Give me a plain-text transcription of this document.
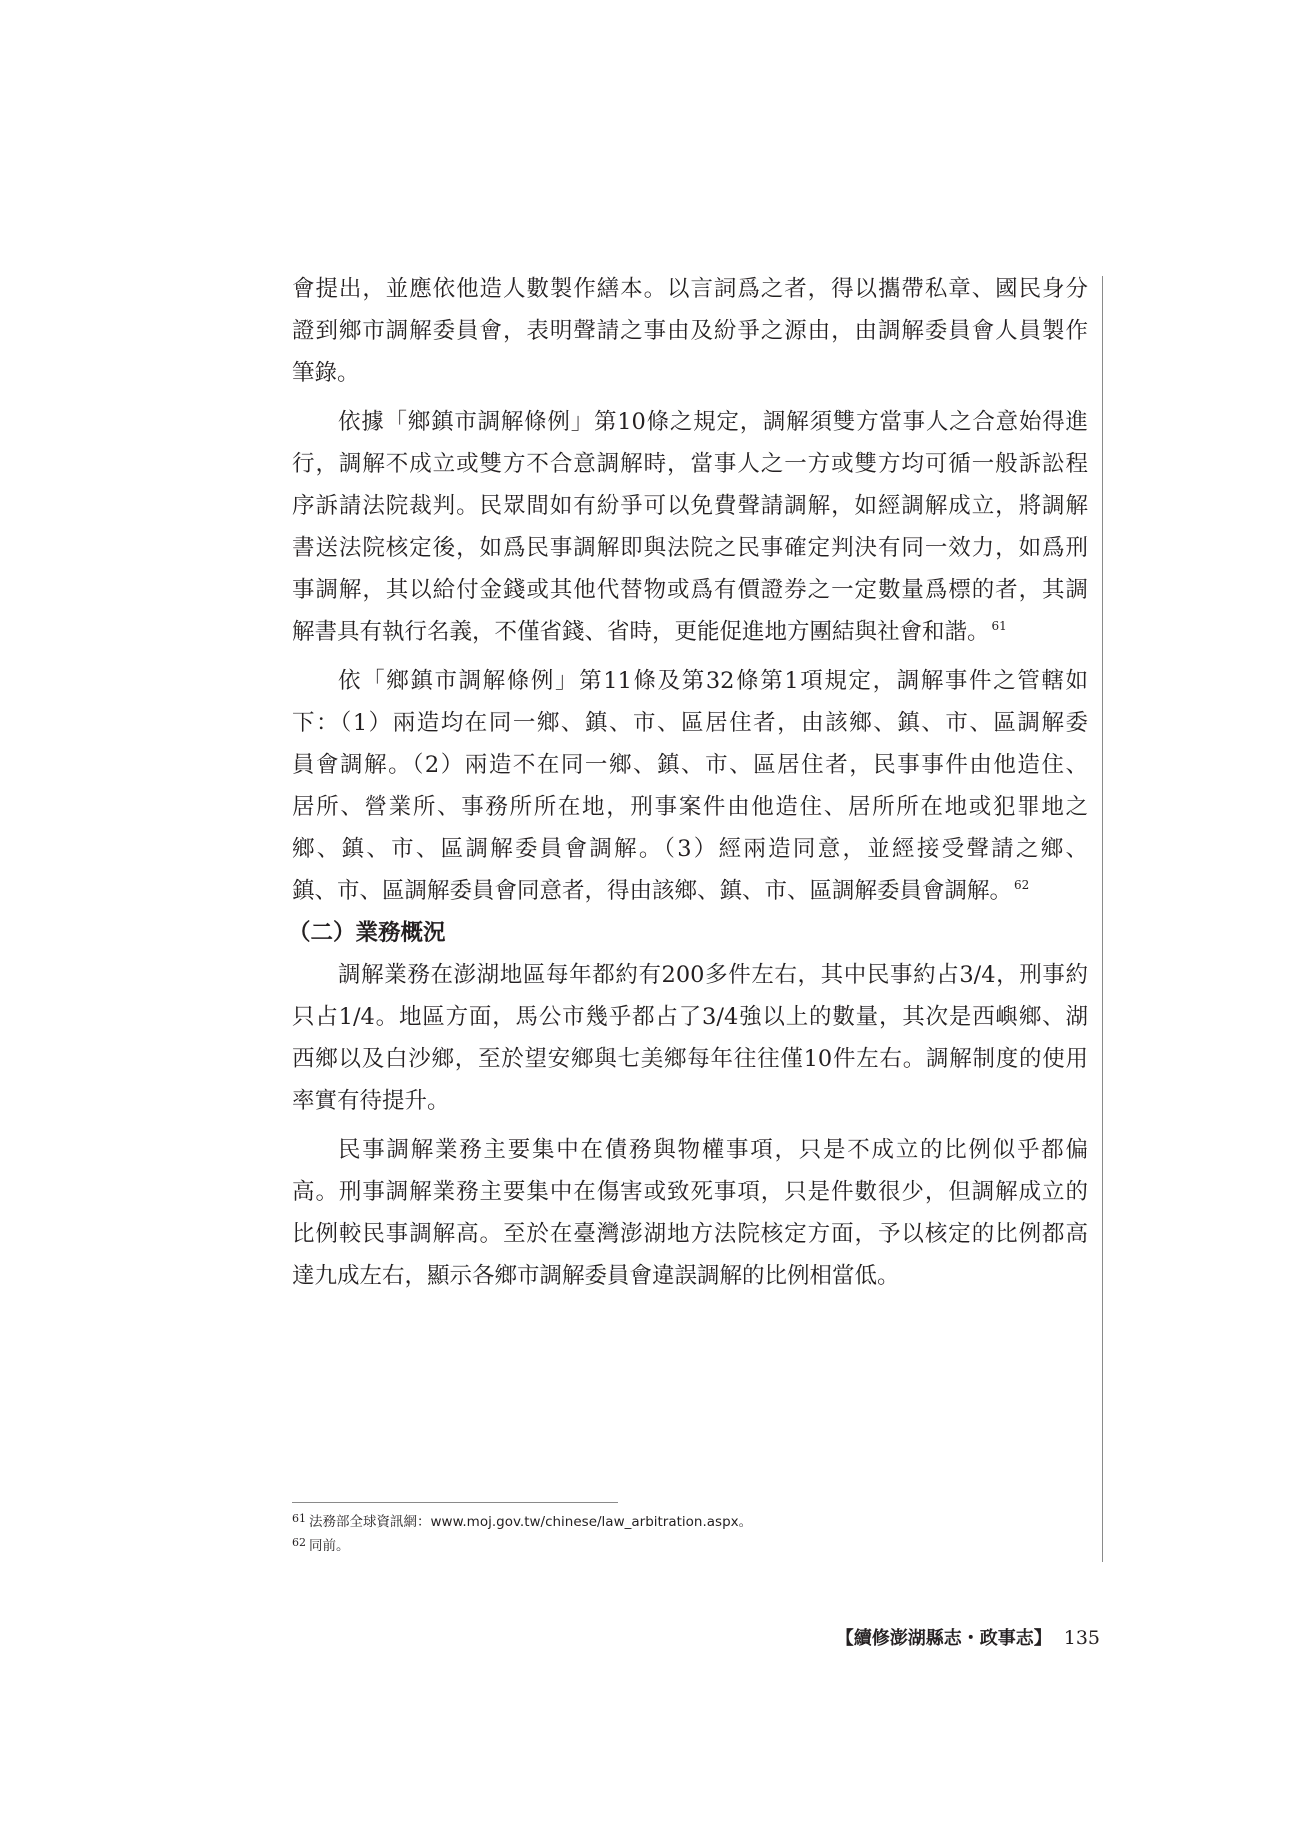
會提出，並應依他造人數製作繕本。以言詞爲之者，得以攜帶私章、國民身分
證到鄉市調解委員會，表明聲請之事由及紛爭之源由，由調解委員會人員製作
筆錄。
依據「鄉鎮市調解條例」第10條之規定，調解須雙方當事人之合意始得進
行，調解不成立或雙方不合意調解時，當事人之一方或雙方均可循一般訴訟程
序訴請法院裁判。民眾間如有紛爭可以免費聲請調解，如經調解成立，將調解
書送法院核定後，如爲民事調解即與法院之民事確定判決有同一效力，如爲刑
事調解，其以給付金錢或其他代替物或爲有價證券之一定數量爲標的者，其調
解書具有執行名義，不僅省錢、省時，更能促進地方團結與社會和諧。 $^{61}$
依「鄉鎮市調解條例」第11條及第32條第1項規定，調解事件之管轄如
下：（1）兩造均在同一鄉、鎮、市、區居住者，由該鄉、鎮、市、區調解委
員會調解。（2）兩造不在同一鄉、鎮、市、區居住者，民事事件由他造住、
居所、營業所、事務所所在地，刑事案件由他造住、居所所在地或犯罪地之
鄉、鎮、市、區調解委員會調解。（3）經兩造同意，並經接受聲請之鄉、
鎮、市、區調解委員會同意者，得由該鄉、鎮、市、區調解委員會調解。 $^{62}$
（二）業務概況
調解業務在澎湖地區每年都約有200多件左右，其中民事約占3/4，刑事約
只占1/4。地區方面，馬公市幾乎都占了3/4強以上的數量，其次是西嶼鄉、湖
西鄉以及白沙鄉，至於望安鄉與七美鄉每年往往僅10件左右。調解制度的使用
率實有待提升。
民事調解業務主要集中在債務與物權事項，只是不成立的比例似乎都偏
高。刑事調解業務主要集中在傷害或致死事項，只是件數很少，但調解成立的
比例較民事調解高。至於在臺灣澎湖地方法院核定方面，予以核定的比例都高
達九成左右，顯示各鄉市調解委員會違誤調解的比例相當低。
$^{61}$ 法務部全球資訊網：www.moj.gov.tw/chinese/law_arbitration.aspx。
$^{62}$ 同前。
【續修澎湖縣志・政事志】 135
